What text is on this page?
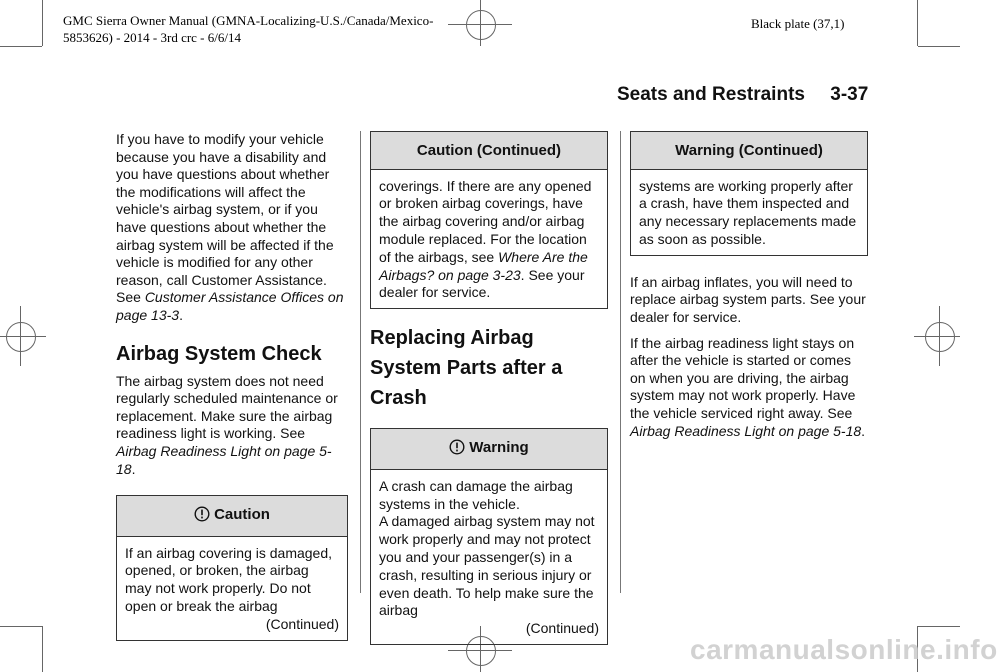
GMC Sierra Owner Manual (GMNA-Localizing-U.S./Canada/Mexico-
5853626) - 2014 - 3rd crc - 6/6/14
Black plate (37,1)
Seats and Restraints 3-37

If you have to modify your vehicle because you have a disability and you have questions about whether the modifications will affect the vehicle's airbag system, or if you have questions about whether the airbag system will be affected if the vehicle is modified for any other reason, call Customer Assistance. See Customer Assistance Offices on page 13-3.

Airbag System Check

The airbag system does not need regularly scheduled maintenance or replacement. Make sure the airbag readiness light is working. See Airbag Readiness Light on page 5-18.

Caution
If an airbag covering is damaged, opened, or broken, the airbag may not work properly. Do not open or break the airbag
(Continued)
Caution (Continued)
coverings. If there are any opened or broken airbag coverings, have the airbag covering and/or airbag module replaced. For the location of the airbags, see Where Are the Airbags? on page 3-23. See your dealer for service.
Replacing Airbag System Parts after a Crash
Warning
A crash can damage the airbag systems in the vehicle.
A damaged airbag system may not work properly and may not protect you and your passenger(s) in a crash, resulting in serious injury or even death. To help make sure the airbag
(Continued)
Warning (Continued)
systems are working properly after a crash, have them inspected and any necessary replacements made as soon as possible.

If an airbag inflates, you will need to replace airbag system parts. See your dealer for service.

If the airbag readiness light stays on after the vehicle is started or comes on when you are driving, the airbag system may not work properly. Have the vehicle serviced right away. See Airbag Readiness Light on page 5-18.

carmanualsonline.info
